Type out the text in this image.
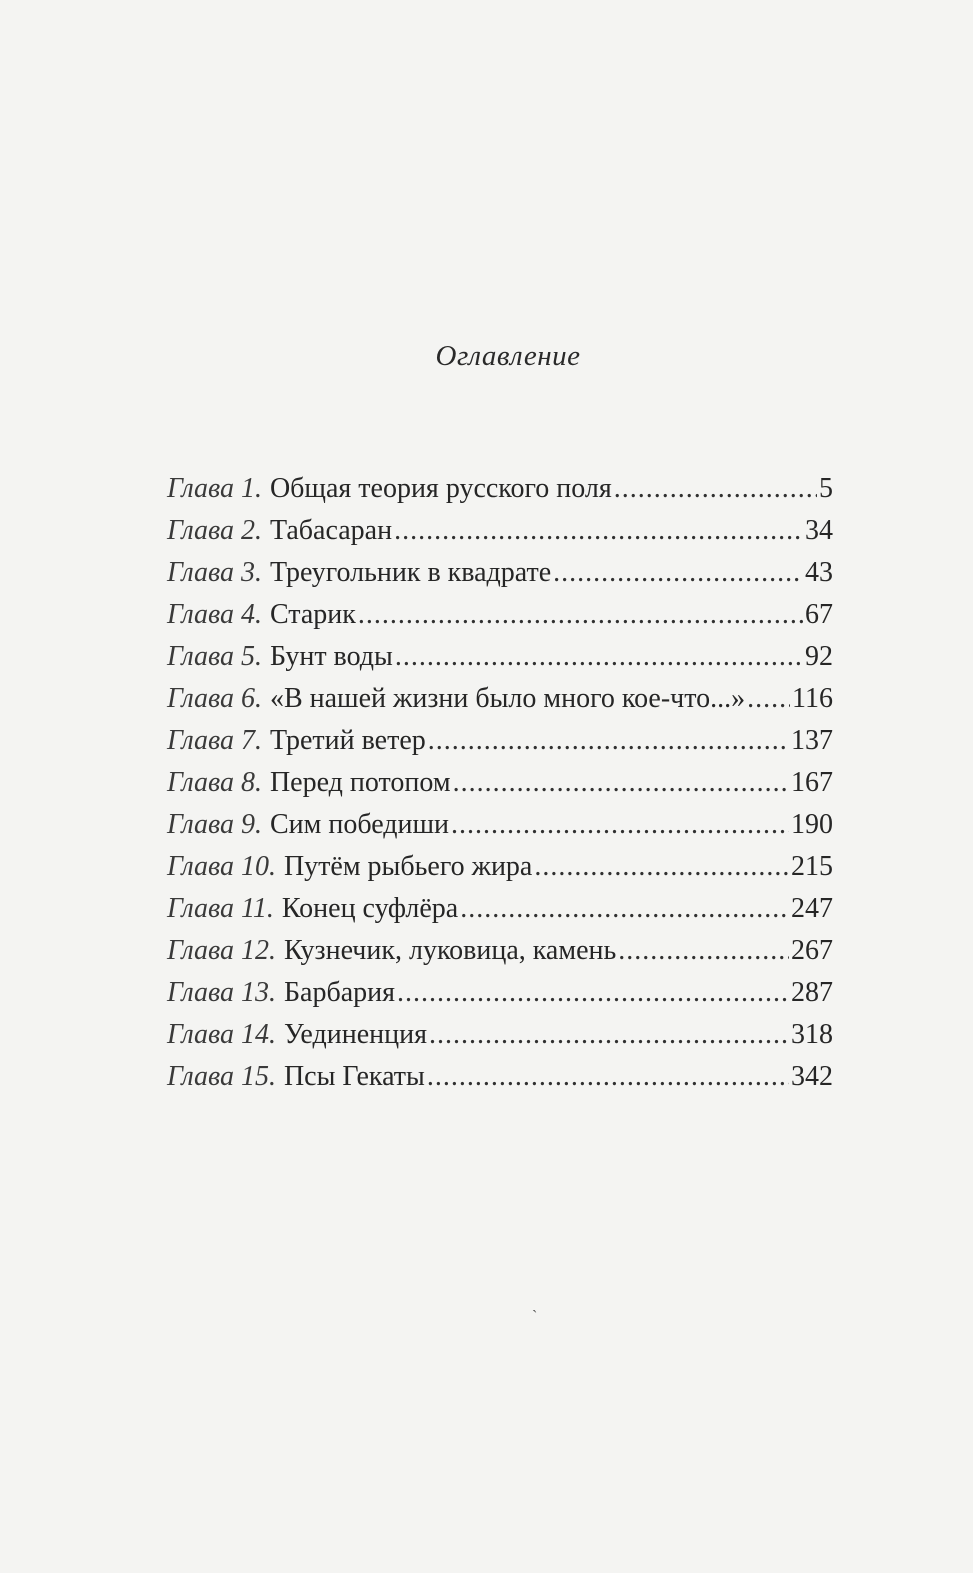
Оглавление
Глава 1. Общая теория русского поля .....	5
Глава 2. Табасаран .....	34
Глава 3. Треугольник в квадрате .....	43
Глава 4. Старик .....	67
Глава 5. Бунт воды .....	92
Глава 6. «В нашей жизни было много кое-что...» ..... 116
Глава 7. Третий ветер .....	137
Глава 8. Перед потопом .....	167
Глава 9. Сим победиши .....	190
Глава 10. Путём рыбьего жира .....	215
Глава 11. Конец суфлёра .....	247
Глава 12. Кузнечик, луковица, камень .....	267
Глава 13. Барбария .....	287
Глава 14. Уединенция .....	318
Глава 15. Псы Гекаты .....	342
ˎ
